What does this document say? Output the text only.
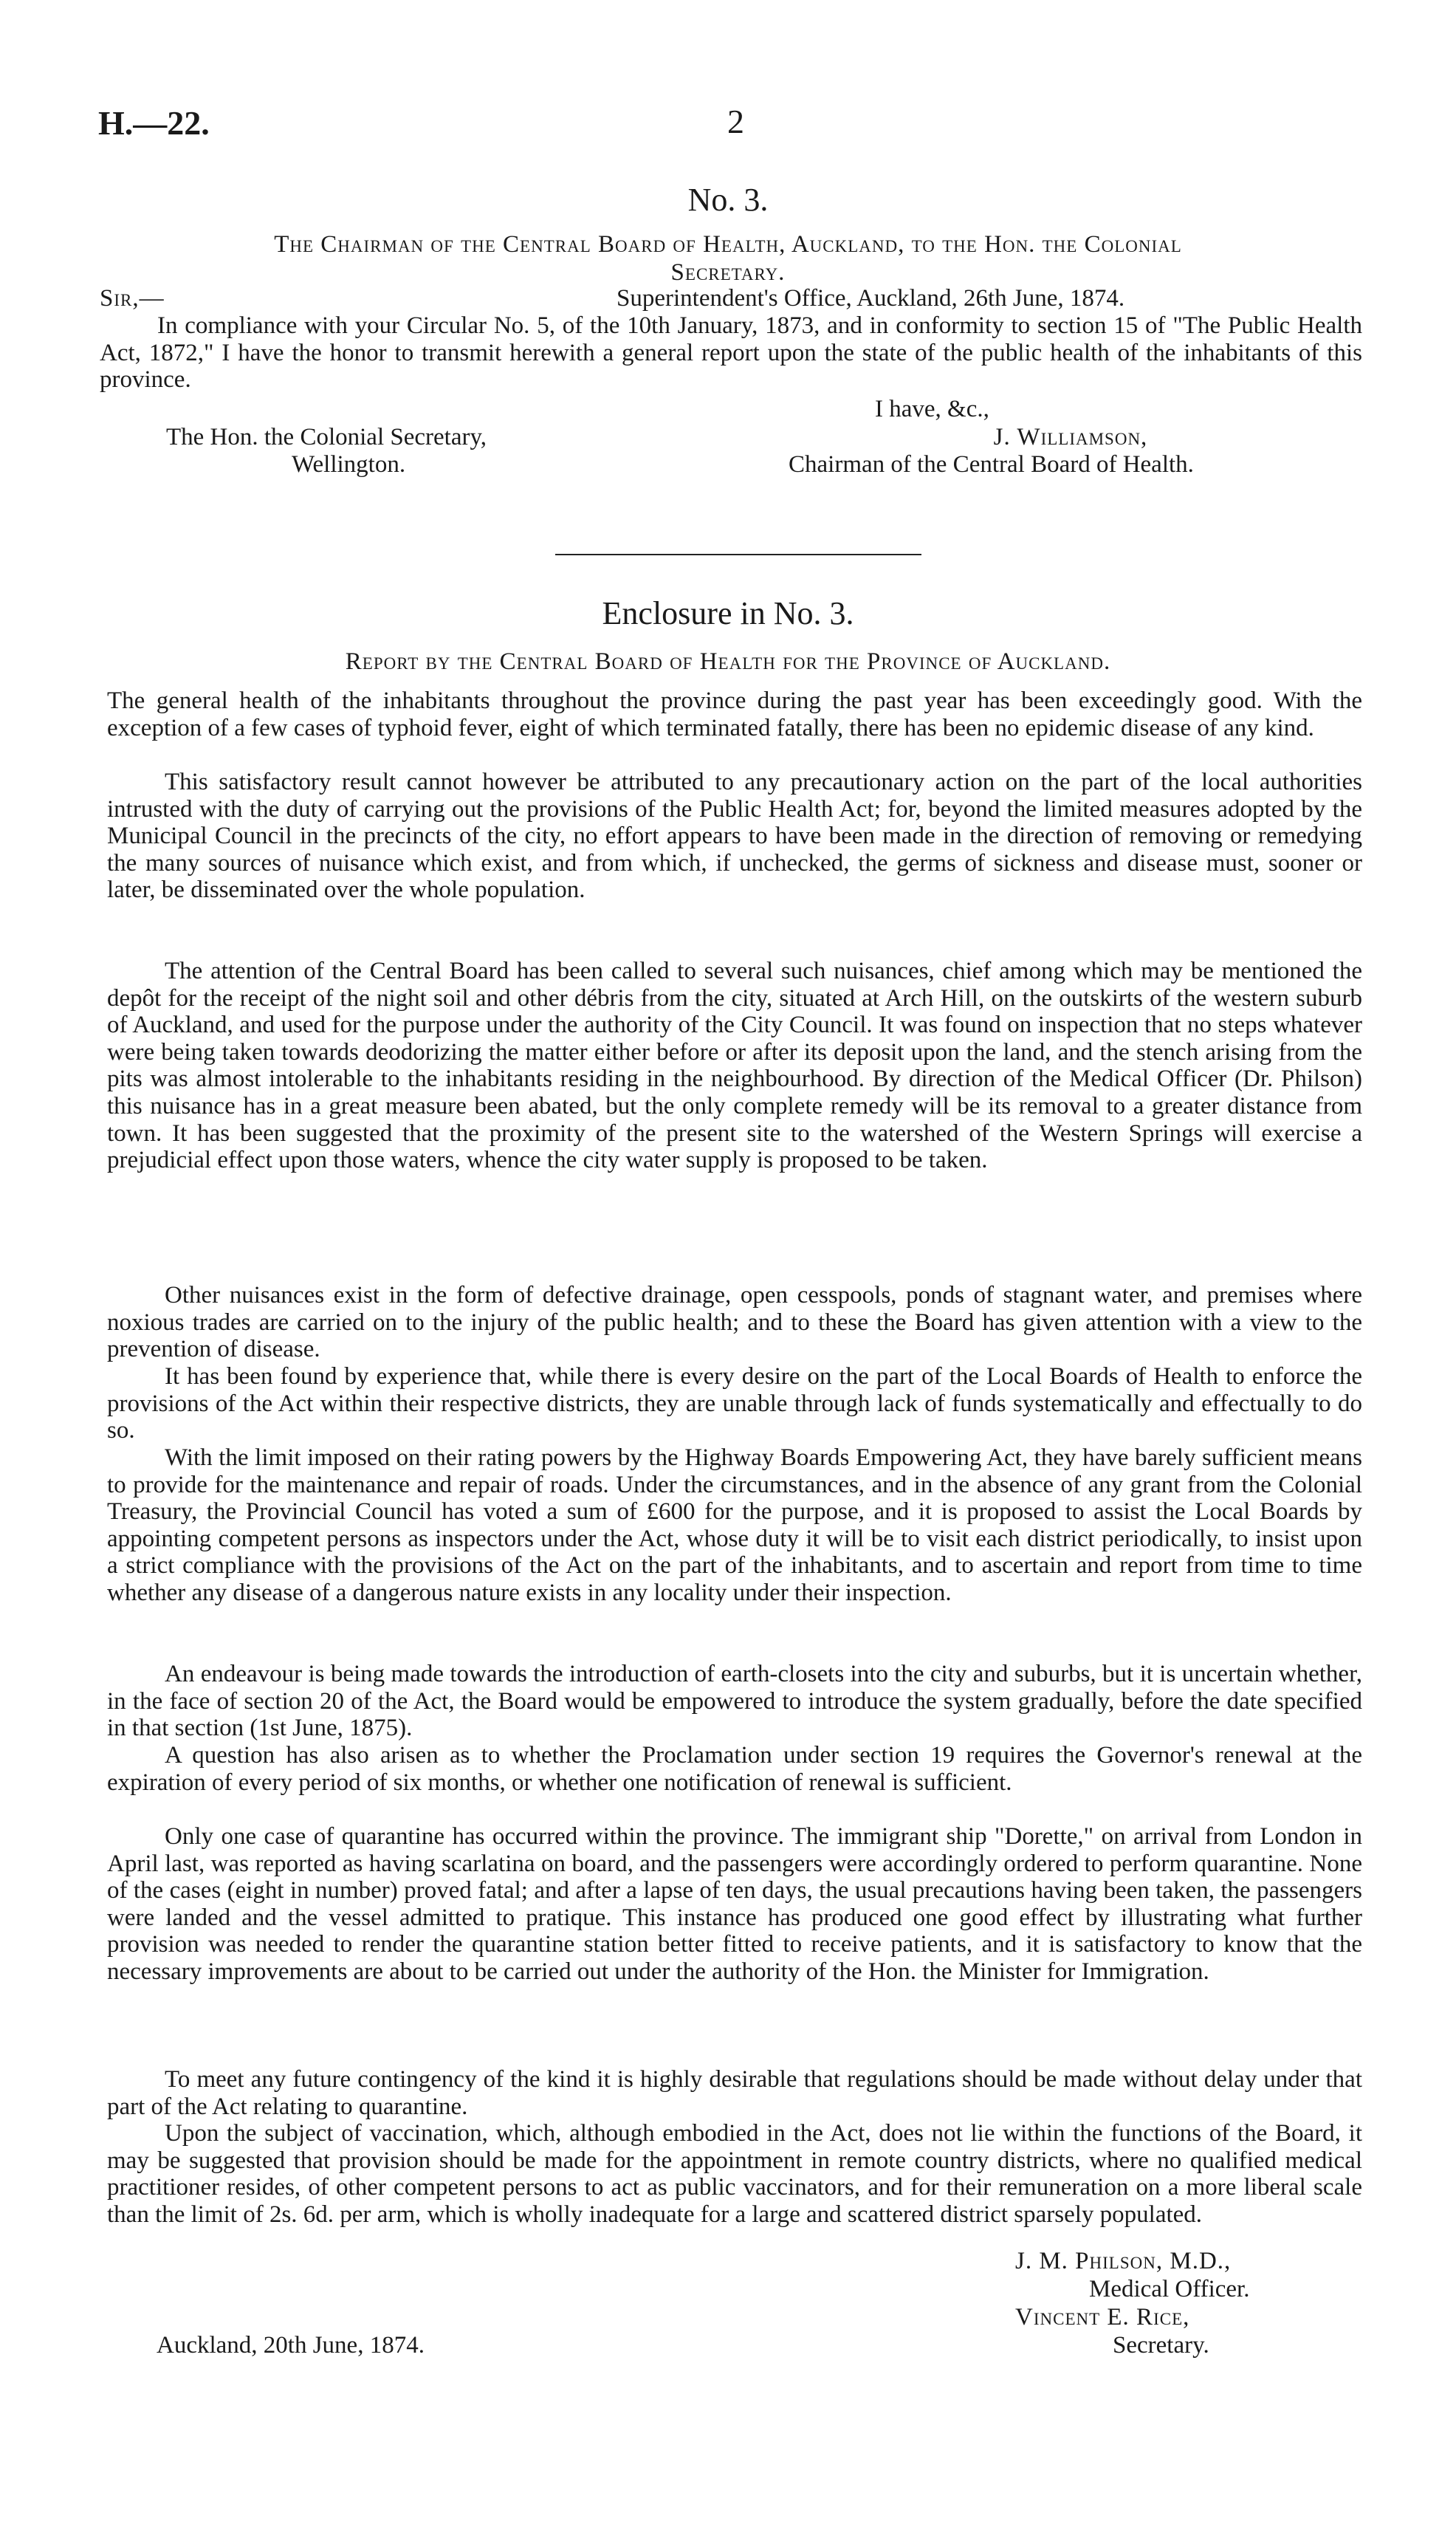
H.—22.	2
No. 3.
The Chairman of the Central Board of Health, Auckland, to the Hon. the Colonial
Secretary.
Sir,—	Superintendent's Office, Auckland, 26th June, 1874.
In compliance with your Circular No. 5, of the 10th January, 1873, and in conformity to section 15 of "The Public Health Act, 1872," I have the honor to transmit herewith a general report upon the state of the public health of the inhabitants of this province.
I have, &c.,
The Hon. the Colonial Secretary,	J. Williamson,
Wellington.	Chairman of the Central Board of Health.
Enclosure in No. 3.
Report by the Central Board of Health for the Province of Auckland.
The general health of the inhabitants throughout the province during the past year has been exceedingly good. With the exception of a few cases of typhoid fever, eight of which terminated fatally, there has been no epidemic disease of any kind.
This satisfactory result cannot however be attributed to any precautionary action on the part of the local authorities intrusted with the duty of carrying out the provisions of the Public Health Act; for, beyond the limited measures adopted by the Municipal Council in the precincts of the city, no effort appears to have been made in the direction of removing or remedying the many sources of nuisance which exist, and from which, if unchecked, the germs of sickness and disease must, sooner or later, be disseminated over the whole population.
The attention of the Central Board has been called to several such nuisances, chief among which may be mentioned the depôt for the receipt of the night soil and other débris from the city, situated at Arch Hill, on the outskirts of the western suburb of Auckland, and used for the purpose under the authority of the City Council. It was found on inspection that no steps whatever were being taken towards deodorizing the matter either before or after its deposit upon the land, and the stench arising from the pits was almost intolerable to the inhabitants residing in the neighbourhood. By direction of the Medical Officer (Dr. Philson) this nuisance has in a great measure been abated, but the only complete remedy will be its removal to a greater distance from town. It has been suggested that the proximity of the present site to the watershed of the Western Springs will exercise a prejudicial effect upon those waters, whence the city water supply is proposed to be taken.
Other nuisances exist in the form of defective drainage, open cesspools, ponds of stagnant water, and premises where noxious trades are carried on to the injury of the public health; and to these the Board has given attention with a view to the prevention of disease.
It has been found by experience that, while there is every desire on the part of the Local Boards of Health to enforce the provisions of the Act within their respective districts, they are unable through lack of funds systematically and effectually to do so.
With the limit imposed on their rating powers by the Highway Boards Empowering Act, they have barely sufficient means to provide for the maintenance and repair of roads. Under the circumstances, and in the absence of any grant from the Colonial Treasury, the Provincial Council has voted a sum of £600 for the purpose, and it is proposed to assist the Local Boards by appointing competent persons as inspectors under the Act, whose duty it will be to visit each district periodically, to insist upon a strict compliance with the provisions of the Act on the part of the inhabitants, and to ascertain and report from time to time whether any disease of a dangerous nature exists in any locality under their inspection.
An endeavour is being made towards the introduction of earth-closets into the city and suburbs, but it is uncertain whether, in the face of section 20 of the Act, the Board would be empowered to introduce the system gradually, before the date specified in that section (1st June, 1875).
A question has also arisen as to whether the Proclamation under section 19 requires the Governor's renewal at the expiration of every period of six months, or whether one notification of renewal is sufficient.
Only one case of quarantine has occurred within the province. The immigrant ship "Dorette," on arrival from London in April last, was reported as having scarlatina on board, and the passengers were accordingly ordered to perform quarantine. None of the cases (eight in number) proved fatal; and after a lapse of ten days, the usual precautions having been taken, the passengers were landed and the vessel admitted to pratique. This instance has produced one good effect by illustrating what further provision was needed to render the quarantine station better fitted to receive patients, and it is satisfactory to know that the necessary improvements are about to be carried out under the authority of the Hon. the Minister for Immigration.
To meet any future contingency of the kind it is highly desirable that regulations should be made without delay under that part of the Act relating to quarantine.
Upon the subject of vaccination, which, although embodied in the Act, does not lie within the functions of the Board, it may be suggested that provision should be made for the appointment in remote country districts, where no qualified medical practitioner resides, of other competent persons to act as public vaccinators, and for their remuneration on a more liberal scale than the limit of 2s. 6d. per arm, which is wholly inadequate for a large and scattered district sparsely populated.
J. M. Philson, M.D.,
Medical Officer.
Vincent E. Rice,
Auckland, 20th June, 1874.	Secretary.
